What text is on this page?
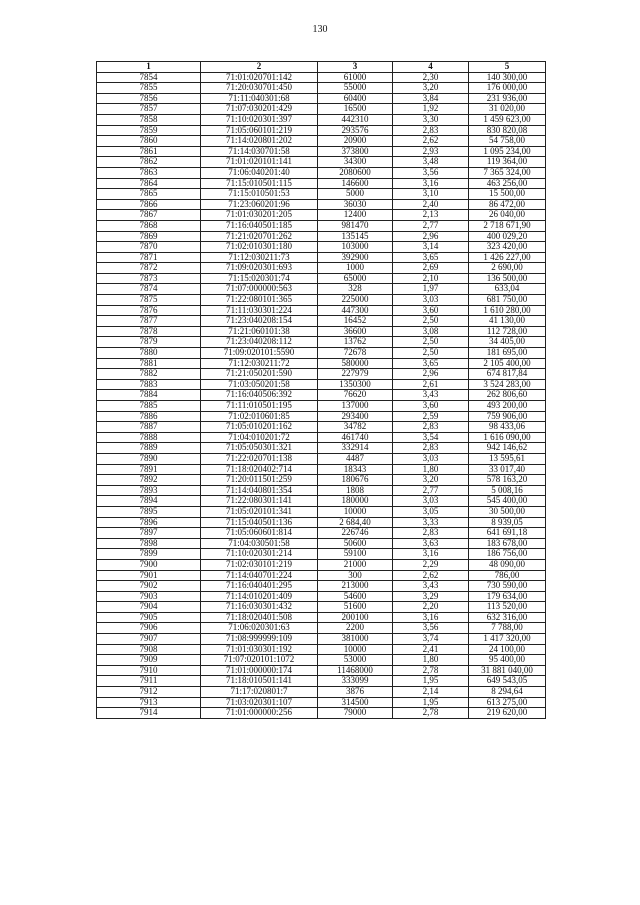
130
1	2	3	4	5
7854	71:01:020701:142	61000	2,30	140 300,00
7855	71:20:030701:450	55000	3,20	176 000,00
7856	71:11:040301:68	60400	3,84	231 936,00
7857	71:07:030201:429	16500	1,92	31 020,00
7858	71:10:020301:397	442310	3,30	1 459 623,00
7859	71:05:060101:219	293576	2,83	830 820,08
7860	71:14:020801:202	20900	2,62	54 758,00
7861	71:14:030701:58	373800	2,93	1 095 234,00
7862	71:01:020101:141	34300	3,48	119 364,00
7863	71:06:040201:40	2080600	3,56	7 365 324,00
7864	71:15:010501:115	146600	3,16	463 256,00
7865	71:15:010501:53	5000	3,10	15 500,00
7866	71:23:060201:96	36030	2,40	86 472,00
7867	71:01:030201:205	12400	2,13	26 040,00
7868	71:16:040501:185	981470	2,77	2 718 671,90
7869	71:21:020701:262	135145	2,96	400 029,20
7870	71:02:010301:180	103000	3,14	323 420,00
7871	71:12:030211:73	392900	3,65	1 426 227,00
7872	71:09:020301:693	1000	2,69	2 690,00
7873	71:15:020301:74	65000	2,10	136 500,00
7874	71:07:000000:563	328	1,97	633,04
7875	71:22:080101:365	225000	3,03	681 750,00
7876	71:11:030301:224	447300	3,60	1 610 280,00
7877	71:23:040208:154	16452	2,50	41 130,00
7878	71:21:060101:38	36600	3,08	112 728,00
7879	71:23:040208:112	13762	2,50	34 405,00
7880	71:09:020101:5590	72678	2,50	181 695,00
7881	71:12:030211:72	580000	3,65	2 105 400,00
7882	71:21:050201:590	227979	2,96	674 817,84
7883	71:03:050201:58	1350300	2,61	3 524 283,00
7884	71:16:040506:392	76620	3,43	262 806,60
7885	71:11:010501:195	137000	3,60	493 200,00
7886	71:02:010601:85	293400	2,59	759 906,00
7887	71:05:010201:162	34782	2,83	98 433,06
7888	71:04:010201:72	461740	3,54	1 616 090,00
7889	71:05:050301:321	332914	2,83	942 146,62
7890	71:22:020701:138	4487	3,03	13 595,61
7891	71:18:020402:714	18343	1,80	33 017,40
7892	71:20:011501:259	180676	3,20	578 163,20
7893	71:14:040801:354	1808	2,77	5 008,16
7894	71:22:080301:141	180000	3,03	545 400,00
7895	71:05:020101:341	10000	3,05	30 500,00
7896	71:15:040501:136	2 684,40	3,33	8 939,05
7897	71:05:060601:814	226746	2,83	641 691,18
7898	71:04:030501:58	50600	3,63	183 678,00
7899	71:10:020301:214	59100	3,16	186 756,00
7900	71:02:030101:219	21000	2,29	48 090,00
7901	71:14:040701:224	300	2,62	786,00
7902	71:16:040401:295	213000	3,43	730 590,00
7903	71:14:010201:409	54600	3,29	179 634,00
7904	71:16:030301:432	51600	2,20	113 520,00
7905	71:18:020401:508	200100	3,16	632 316,00
7906	71:06:020301:63	2200	3,56	7 788,00
7907	71:08:999999:109	381000	3,74	1 417 320,00
7908	71:01:030301:192	10000	2,41	24 100,00
7909	71:07:020101:1072	53000	1,80	95 400,00
7910	71:01:000000:174	11468000	2,78	31 881 040,00
7911	71:18:010501:141	333099	1,95	649 543,05
7912	71:17:020801:7	3876	2,14	8 294,64
7913	71:03:020301:107	314500	1,95	613 275,00
7914	71:01:000000:256	79000	2,78	219 620,00
